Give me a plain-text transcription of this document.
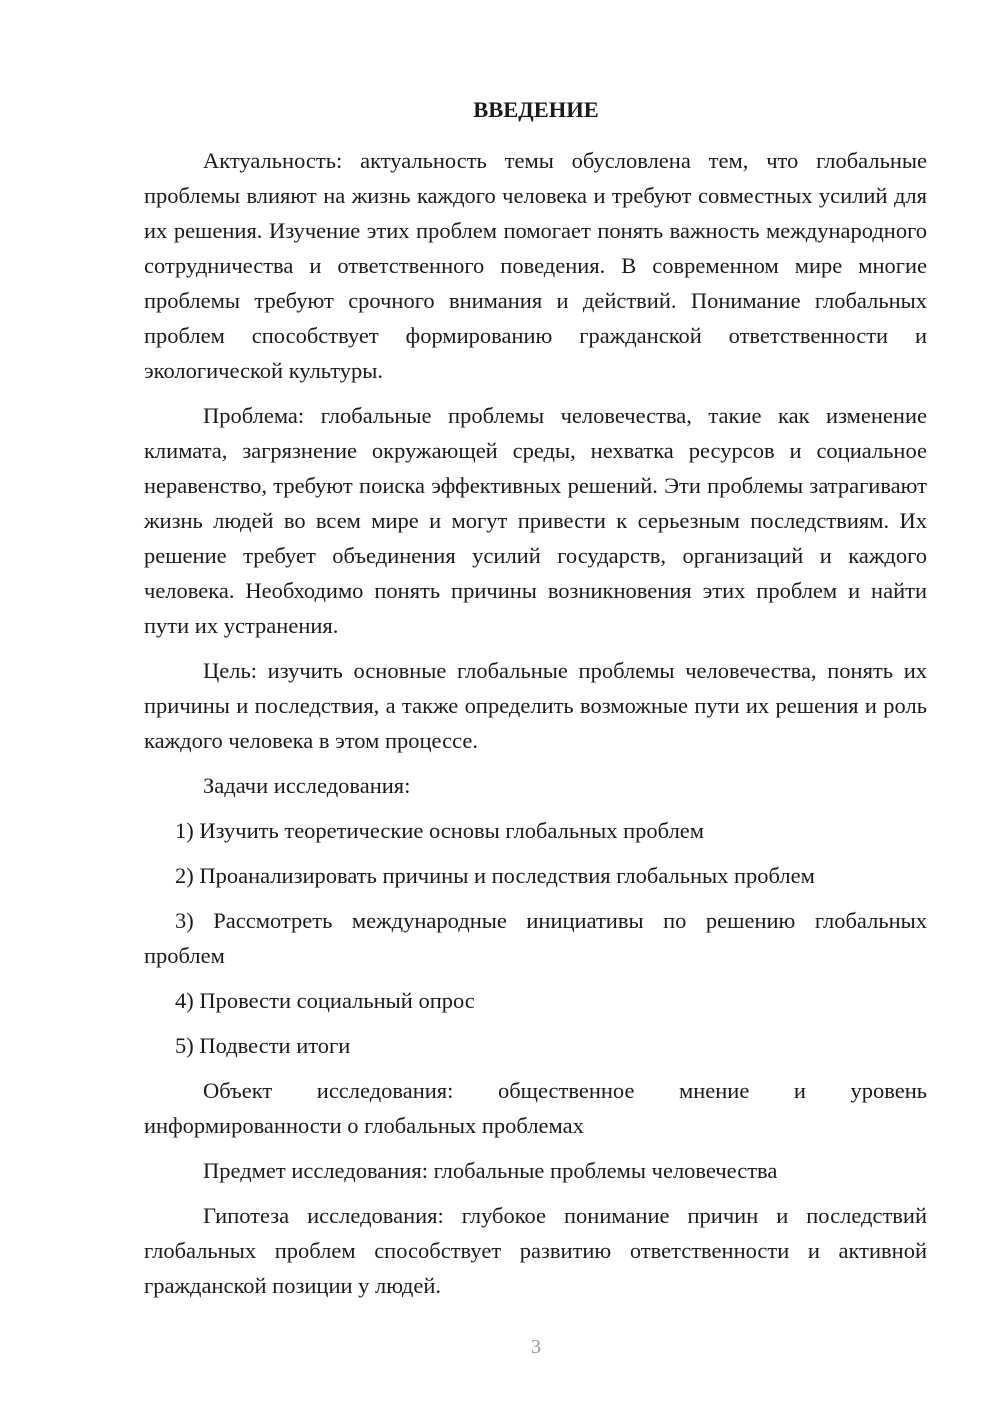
ВВЕДЕНИЕ

Актуальность: актуальность темы обусловлена тем, что глобальные проблемы влияют на жизнь каждого человека и требуют совместных усилий для их решения. Изучение этих проблем помогает понять важность международного сотрудничества и ответственного поведения. В современном мире многие проблемы требуют срочного внимания и действий. Понимание глобальных проблем способствует формированию гражданской ответственности и экологической культуры.

Проблема: глобальные проблемы человечества, такие как изменение климата, загрязнение окружающей среды, нехватка ресурсов и социальное неравенство, требуют поиска эффективных решений. Эти проблемы затрагивают жизнь людей во всем мире и могут привести к серьезным последствиям. Их решение требует объединения усилий государств, организаций и каждого человека. Необходимо понять причины возникновения этих проблем и найти пути их устранения.

Цель: изучить основные глобальные проблемы человечества, понять их причины и последствия, а также определить возможные пути их решения и роль каждого человека в этом процессе.

Задачи исследования:

1) Изучить теоретические основы глобальных проблем

2) Проанализировать причины и последствия глобальных проблем

3) Рассмотреть международные инициативы по решению глобальных проблем

4) Провести социальный опрос

5) Подвести итоги

Объект исследования: общественное мнение и уровень информированности о глобальных проблемах

Предмет исследования: глобальные проблемы человечества

Гипотеза исследования: глубокое понимание причин и последствий глобальных проблем способствует развитию ответственности и активной гражданской позиции у людей.

3
